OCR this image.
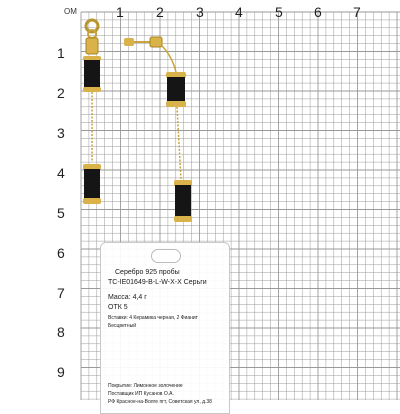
ОМ	1 2 3 4 5 6 7
1
2
3
4
5
6
7
8
9
Серебро 925 пробы
TC-IE01649-B-L-W-X-X Серьги
Масса: 4,4 г
ОТК 5
Вставки: 4 Керамика черная, 2 Фианит
Бесцветный
Покрытие: Лимонное золочение
Поставщик ИП Кусанов О.А.
РФ Красное-на-Волге пгт, Советская ул, д.38
